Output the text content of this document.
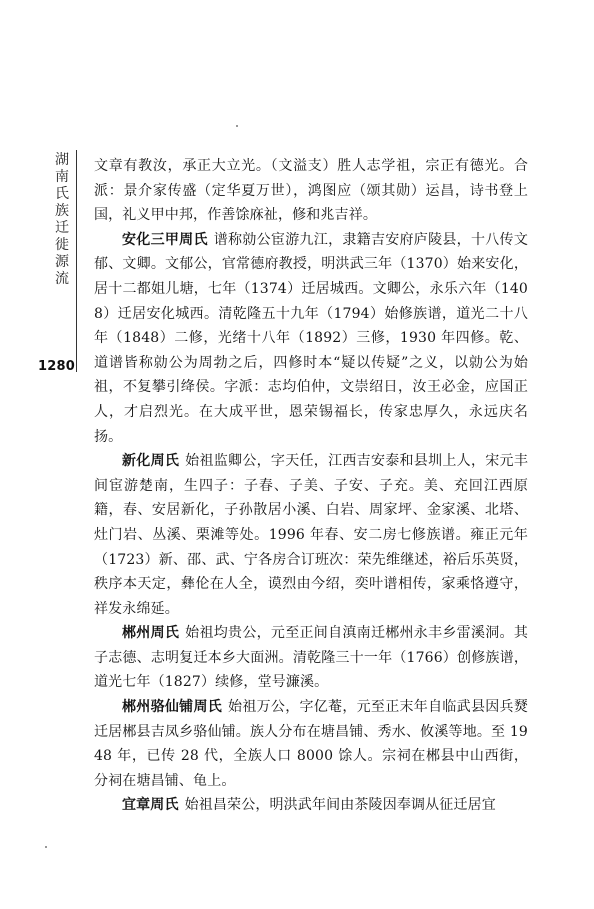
湖南氏族迁徙源流
1280

文章有教汝，承正大立光。（文溢支）胜人志学祖，宗正有德光。合派：景介家传盛（定华夏万世），鸿图应（颂其勋）运昌，诗书登上国，礼义甲中邦，作善馀庥祉，修和兆吉祥。

安化三甲周氏 谱称勍公宦游九江，隶籍吉安府庐陵县，十八传文郁、文卿。文郁公，官常德府教授，明洪武三年（1370）始来安化，居十二都姐儿塘，七年（1374）迁居城西。文卿公，永乐六年（1408）迁居安化城西。清乾隆五十九年（1794）始修族谱，道光二十八年（1848）二修，光绪十八年（1892）三修，1930 年四修。乾、道谱皆称勍公为周勃之后，四修时本“疑以传疑”之义，以勍公为始祖，不复攀引绛侯。字派：志均伯仲，文崇绍日，汝王必金，应国正人，才启烈光。在大成平世，恩荣锡福长，传家忠厚久，永远庆名扬。

新化周氏 始祖监卿公，字天任，江西吉安泰和县圳上人，宋元丰间宦游楚南，生四子：子春、子美、子安、子充。美、充回江西原籍，春、安居新化，子孙散居小溪、白岩、周家坪、金家溪、北塔、灶门岩、丛溪、栗滩等处。1996 年春、安二房七修族谱。雍正元年（1723）新、邵、武、宁各房合订班次：荣先维继述，裕后乐英贤，秩序本天定，彝伦在人全，谟烈由今绍，奕叶谱相传，家乘恪遵守，祥发永绵延。

郴州周氏 始祖均贵公，元至正间自滇南迁郴州永丰乡雷溪洞。其子志德、志明复迁本乡大面洲。清乾隆三十一年（1766）创修族谱，道光七年（1827）续修，堂号濂溪。

郴州骆仙铺周氏 始祖万公，字亿菴，元至正末年自临武县因兵燹迁居郴县吉凤乡骆仙铺。族人分布在塘昌铺、秀水、攸溪等地。至 1948 年，已传 28 代，全族人口 8000 馀人。宗祠在郴县中山西街，分祠在塘昌铺、龟上。

宜章周氏 始祖昌荣公，明洪武年间由茶陵因奉调从征迁居宜
